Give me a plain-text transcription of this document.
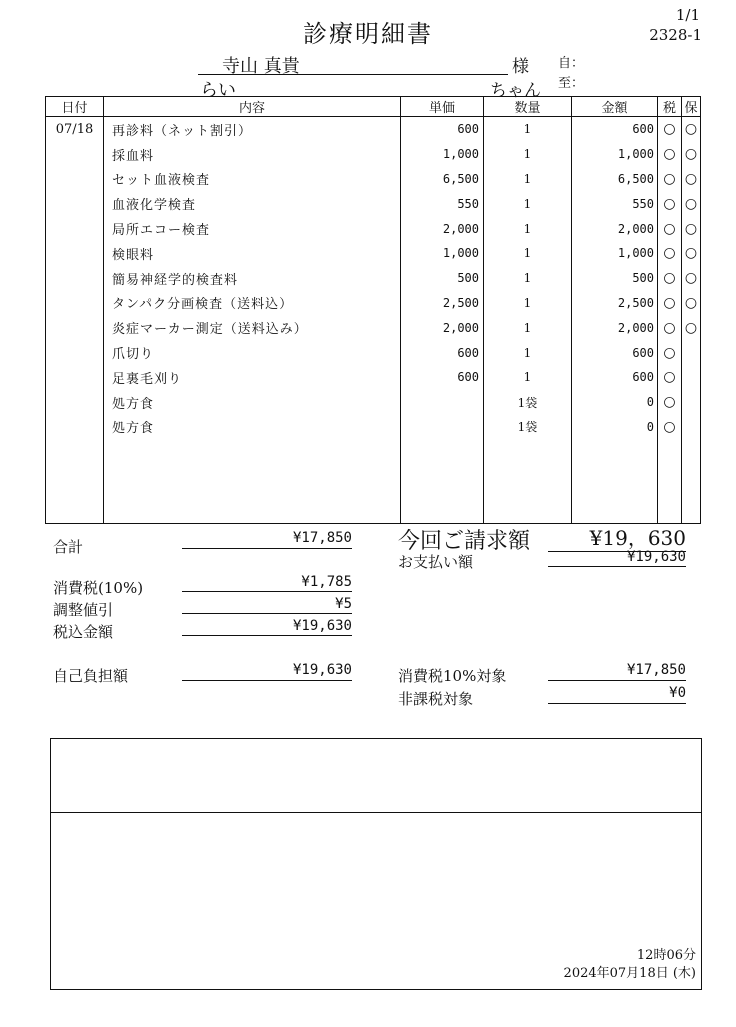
診療明細書
1/1
2328-1
寺山 真貴	様 自：
らい	ちゃん 至：
日付	内容	単価	数量	金額	税	保
07/18	再診料（ネット割引）	600	1	600	○	○
	採血料	1,000	1	1,000	○	○
	セット血液検査	6,500	1	6,500	○	○
	血液化学検査	550	1	550	○	○
	局所エコー検査	2,000	1	2,000	○	○
	検眼料	1,000	1	1,000	○	○
	簡易神経学的検査料	500	1	500	○	○
	タンパク分画検査（送料込）	2,500	1	2,500	○	○
	炎症マーカー測定（送料込み）	2,000	1	2,000	○	○
	爪切り	600	1	600	○	
	足裏毛刈り	600	1	600	○	
	処方食		1袋	0	○	
	処方食		1袋	0	○	

合計	¥17,850
消費税(10%)	¥1,785
調整値引	¥5
税込金額	¥19,630
自己負担額	¥19,630
今回ご請求額	¥19，630
お支払い額	¥19,630
消費税10%対象	¥17,850
非課税対象	¥0
12時06分
2024年07月18日 (木)
